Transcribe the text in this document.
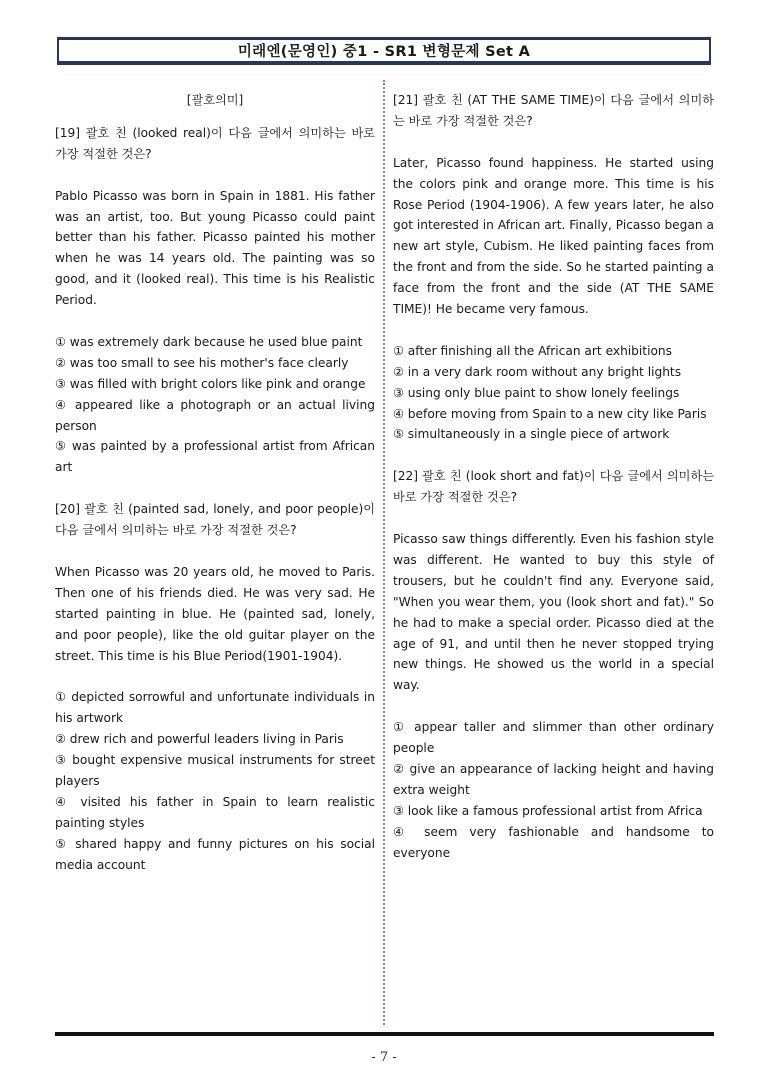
미래엔(문영인) 중1 - SR1 변형문제 Set A

[괄호의미]

[19] 괄호 친 (looked real)이 다음 글에서 의미하는 바로 가장 적절한 것은?

Pablo Picasso was born in Spain in 1881. His father was an artist, too. But young Picasso could paint better than his father. Picasso painted his mother when he was 14 years old. The painting was so good, and it (looked real). This time is his Realistic Period.

① was extremely dark because he used blue paint

② was too small to see his mother's face clearly

③ was filled with bright colors like pink and orange

④ appeared like a photograph or an actual living person

⑤ was painted by a professional artist from African art

[20] 괄호 친 (painted sad, lonely, and poor people)이 다음 글에서 의미하는 바로 가장 적절한 것은?

When Picasso was 20 years old, he moved to Paris. Then one of his friends died. He was very sad. He started painting in blue. He (painted sad, lonely, and poor people), like the old guitar player on the street. This time is his Blue Period(1901-1904).

① depicted sorrowful and unfortunate individuals in his artwork

② drew rich and powerful leaders living in Paris

③ bought expensive musical instruments for street players

④ visited his father in Spain to learn realistic painting styles

⑤ shared happy and funny pictures on his social media account

[21] 괄호 친 (AT THE SAME TIME)이 다음 글에서 의미하는 바로 가장 적절한 것은?

Later, Picasso found happiness. He started using the colors pink and orange more. This time is his Rose Period (1904-1906). A few years later, he also got interested in African art. Finally, Picasso began a new art style, Cubism. He liked painting faces from the front and from the side. So he started painting a face from the front and the side (AT THE SAME TIME)! He became very famous.

① after finishing all the African art exhibitions

② in a very dark room without any bright lights

③ using only blue paint to show lonely feelings

④ before moving from Spain to a new city like Paris

⑤ simultaneously in a single piece of artwork

[22] 괄호 친 (look short and fat)이 다음 글에서 의미하는 바로 가장 적절한 것은?

Picasso saw things differently. Even his fashion style was different. He wanted to buy this style of trousers, but he couldn't find any. Everyone said, "When you wear them, you (look short and fat)." So he had to make a special order. Picasso died at the age of 91, and until then he never stopped trying new things. He showed us the world in a special way.

① appear taller and slimmer than other ordinary people

② give an appearance of lacking height and having extra weight

③ look like a famous professional artist from Africa

④ seem very fashionable and handsome to everyone

- 7 -
